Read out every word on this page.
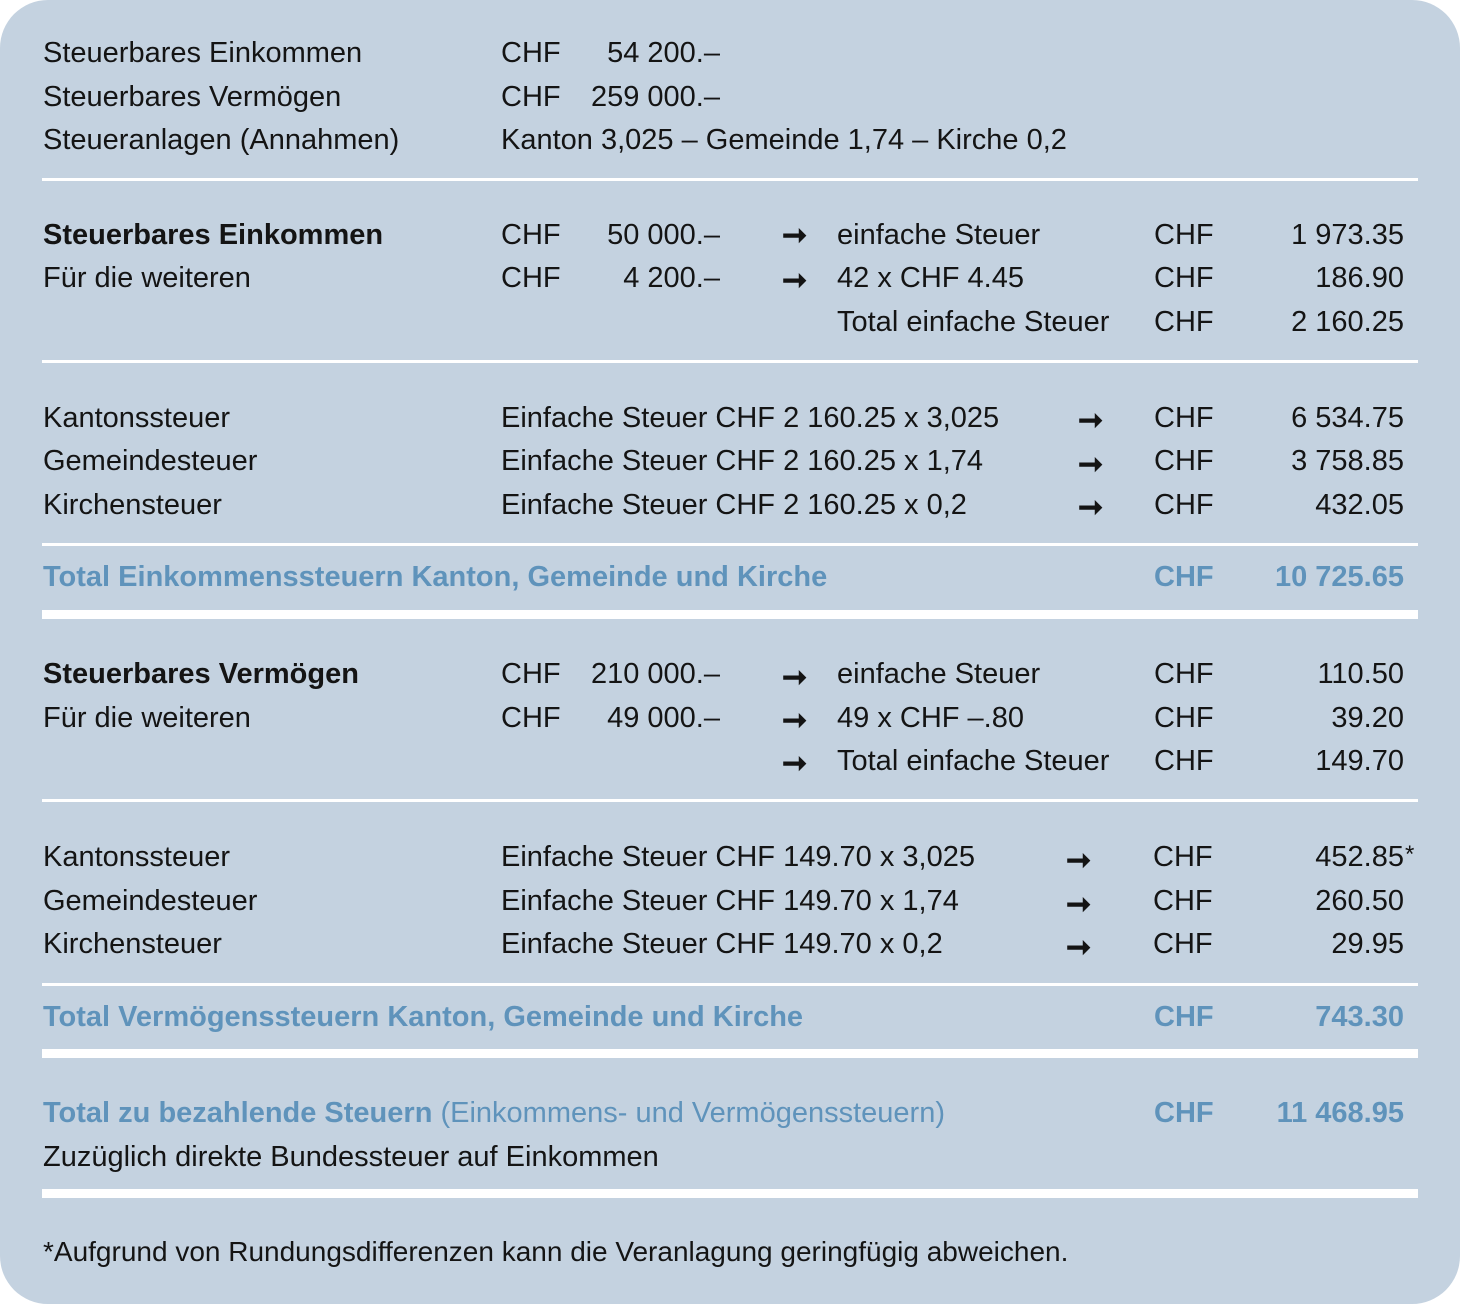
Steuerbares Einkommen	CHF	54 200.–
Steuerbares Vermögen	CHF	259 000.–
Steueranlagen (Annahmen)	Kanton 3,025 – Gemeinde 1,74 – Kirche 0,2
Steuerbares Einkommen	CHF	50 000.– ➞ einfache Steuer	CHF	1 973.35
Für die weiteren	CHF	4 200.– ➞ 42 x CHF 4.45	CHF	186.90
Total einfache Steuer CHF	2 160.25
Kantonssteuer	Einfache Steuer CHF 2 160.25 x 3,025	➞ CHF	6 534.75
Gemeindesteuer	Einfache Steuer CHF 2 160.25 x 1,74	➞ CHF	3 758.85
Kirchensteuer	Einfache Steuer CHF 2 160.25 x 0,2	➞ CHF	432.05
Total Einkommenssteuern Kanton, Gemeinde und Kirche	CHF	10 725.65
Steuerbares Vermögen	CHF	210 000.– ➞ einfache Steuer	CHF	110.50
Für die weiteren	CHF	49 000.– ➞ 49 x CHF –.80	CHF	39.20
➞ Total einfache Steuer CHF	149.70
Kantonssteuer	Einfache Steuer CHF 149.70 x 3,025	➞ CHF	452.85 *
Gemeindesteuer	Einfache Steuer CHF 149.70 x 1,74	➞ CHF	260.50
Kirchensteuer	Einfache Steuer CHF 149.70 x 0,2	➞ CHF	29.95
Total Vermögenssteuern Kanton, Gemeinde und Kirche	CHF	743.30
Total zu bezahlende Steuern (Einkommens- und Vermögenssteuern)	CHF	11 468.95
Zuzüglich direkte Bundessteuer auf Einkommen
*Aufgrund von Rundungsdifferenzen kann die Veranlagung geringfügig abweichen.
